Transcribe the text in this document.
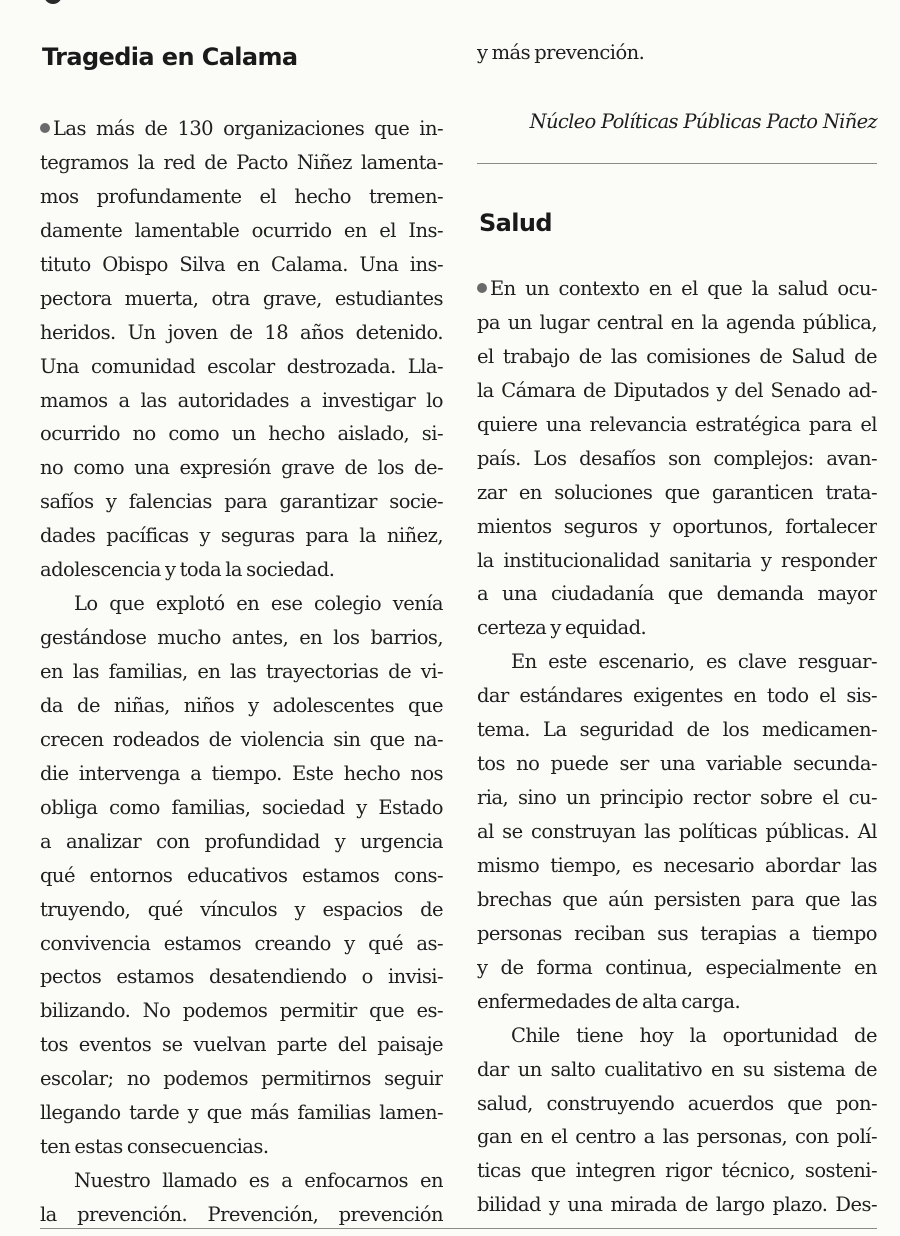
Tragedia en Calama
Las más de 130 organizaciones que in-
tegramos la red de Pacto Niñez lamenta-
mos profundamente el hecho tremen-
damente lamentable ocurrido en el Ins-
tituto Obispo Silva en Calama. Una ins-
pectora muerta, otra grave, estudiantes
heridos. Un joven de 18 años detenido.
Una comunidad escolar destrozada. Lla-
mamos a las autoridades a investigar lo
ocurrido no como un hecho aislado, si-
no como una expresión grave de los de-
safíos y falencias para garantizar socie-
dades pacíficas y seguras para la niñez,
adolescencia y toda la sociedad.
Lo que explotó en ese colegio venía
gestándose mucho antes, en los barrios,
en las familias, en las trayectorias de vi-
da de niñas, niños y adolescentes que
crecen rodeados de violencia sin que na-
die intervenga a tiempo. Este hecho nos
obliga como familias, sociedad y Estado
a analizar con profundidad y urgencia
qué entornos educativos estamos cons-
truyendo, qué vínculos y espacios de
convivencia estamos creando y qué as-
pectos estamos desatendiendo o invisi-
bilizando. No podemos permitir que es-
tos eventos se vuelvan parte del paisaje
escolar; no podemos permitirnos seguir
llegando tarde y que más familias lamen-
ten estas consecuencias.
Nuestro llamado es a enfocarnos en
la prevención. Prevención, prevención
y más prevención.
Núcleo Políticas Públicas Pacto Niñez
Salud
En un contexto en el que la salud ocu-
pa un lugar central en la agenda pública,
el trabajo de las comisiones de Salud de
la Cámara de Diputados y del Senado ad-
quiere una relevancia estratégica para el
país. Los desafíos son complejos: avan-
zar en soluciones que garanticen trata-
mientos seguros y oportunos, fortalecer
la institucionalidad sanitaria y responder
a una ciudadanía que demanda mayor
certeza y equidad.
En este escenario, es clave resguar-
dar estándares exigentes en todo el sis-
tema. La seguridad de los medicamen-
tos no puede ser una variable secunda-
ria, sino un principio rector sobre el cu-
al se construyan las políticas públicas. Al
mismo tiempo, es necesario abordar las
brechas que aún persisten para que las
personas reciban sus terapias a tiempo
y de forma continua, especialmente en
enfermedades de alta carga.
Chile tiene hoy la oportunidad de
dar un salto cualitativo en su sistema de
salud, construyendo acuerdos que pon-
gan en el centro a las personas, con polí-
ticas que integren rigor técnico, sosteni-
bilidad y una mirada de largo plazo. Des-
